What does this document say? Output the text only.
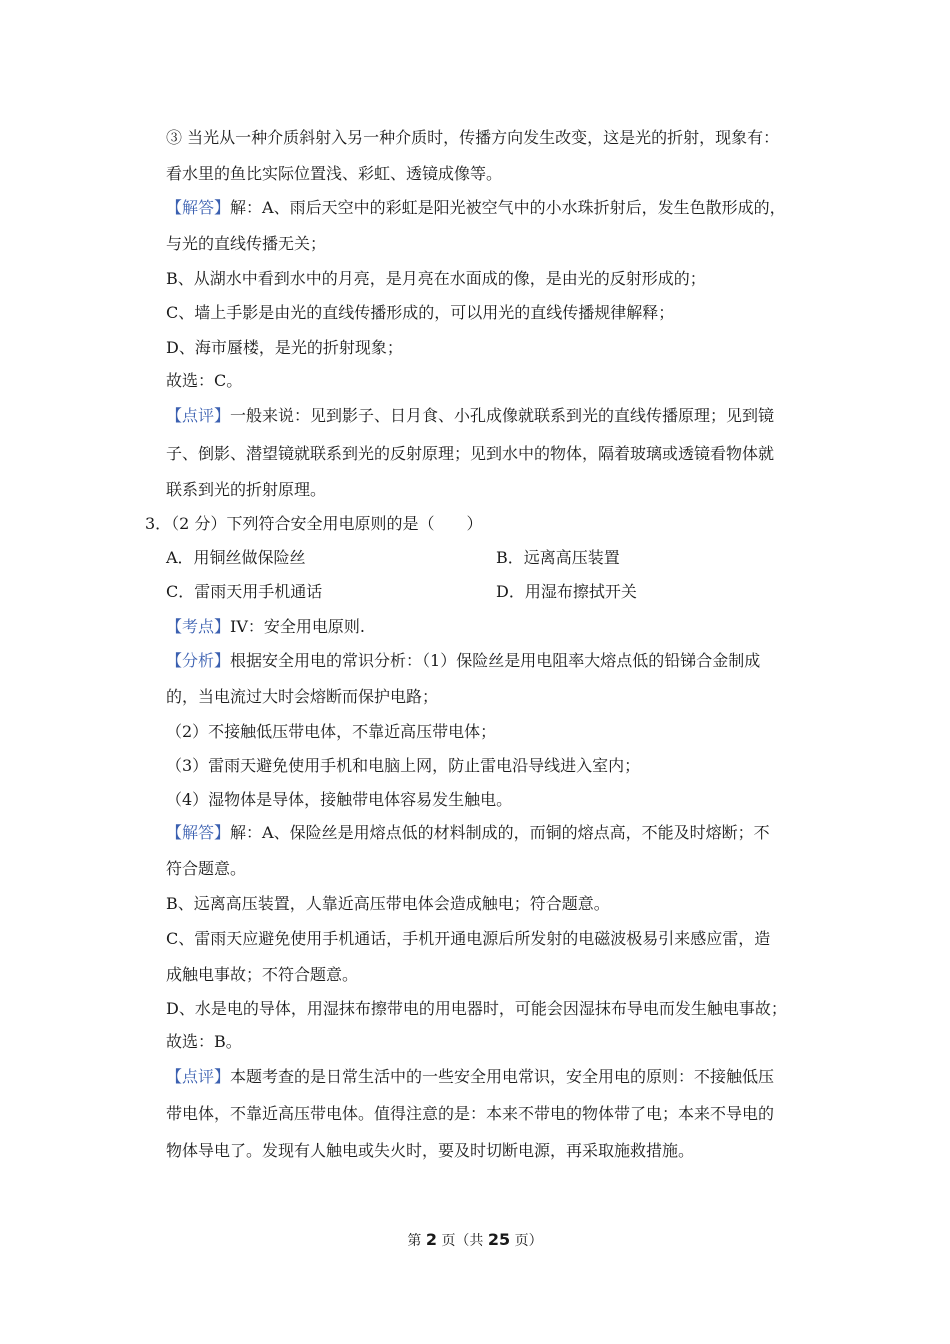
③ 当光从一种介质斜射入另一种介质时，传播方向发生改变，这是光的折射，现象有：
看水里的鱼比实际位置浅、彩虹、透镜成像等。
【解答】解：A、雨后天空中的彩虹是阳光被空气中的小水珠折射后，发生色散形成的，
与光的直线传播无关；
B、从湖水中看到水中的月亮，是月亮在水面成的像，是由光的反射形成的；
C、墙上手影是由光的直线传播形成的，可以用光的直线传播规律解释；
D、海市蜃楼，是光的折射现象；
故选：C。
【点评】一般来说：见到影子、日月食、小孔成像就联系到光的直线传播原理；见到镜
子、倒影、潜望镜就联系到光的反射原理；见到水中的物体，隔着玻璃或透镜看物体就
联系到光的折射原理。
3．（2 分）下列符合安全用电原则的是（　　）
A．用铜丝做保险丝	B．远离高压装置
C．雷雨天用手机通话	D．用湿布擦拭开关
【考点】IV：安全用电原则.
【分析】根据安全用电的常识分析：（1）保险丝是用电阻率大熔点低的铅锑合金制成
的，当电流过大时会熔断而保护电路；
（2）不接触低压带电体，不靠近高压带电体；
（3）雷雨天避免使用手机和电脑上网，防止雷电沿导线进入室内；
（4）湿物体是导体，接触带电体容易发生触电。
【解答】解：A、保险丝是用熔点低的材料制成的，而铜的熔点高，不能及时熔断；不
符合题意。
B、远离高压装置，人靠近高压带电体会造成触电；符合题意。
C、雷雨天应避免使用手机通话，手机开通电源后所发射的电磁波极易引来感应雷，造
成触电事故；不符合题意。
D、水是电的导体，用湿抹布擦带电的用电器时，可能会因湿抹布导电而发生触电事故；
故选：B。
【点评】本题考查的是日常生活中的一些安全用电常识，安全用电的原则：不接触低压
带电体，不靠近高压带电体。值得注意的是：本来不带电的物体带了电；本来不导电的
物体导电了。发现有人触电或失火时，要及时切断电源，再采取施救措施。
第 2 页（共 25 页）
